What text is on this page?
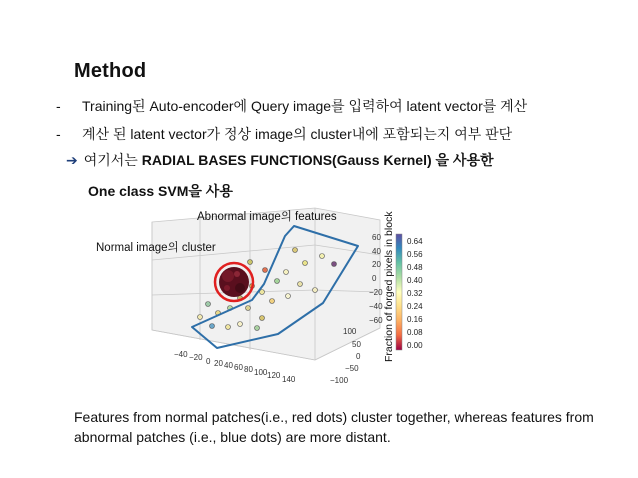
Method
- Training된 Auto-encoder에 Query image를 입력하여 latent vector를 계산
- 계산 된 latent vector가 정상 image의 cluster내에 포함되는지 여부 판단
➔ 여기서는 RADIAL BASES FUNCTIONS(Gauss Kernel) 을 사용한
One class SVM을 사용
Abnormal image의 features
Normal image의 cluster
60
40
20
0
−20
−40
−60
100
50
0
−50
−100
−40 −20 0 20 40 60 80 100 120 140
0.64
0.56
0.48
0.40
0.32
0.24
0.16
0.08
0.00
Fraction of forged pixels in block
Features from normal patches(i.e., red dots) cluster together, whereas features from abnormal patches (i.e., blue dots) are more distant.
